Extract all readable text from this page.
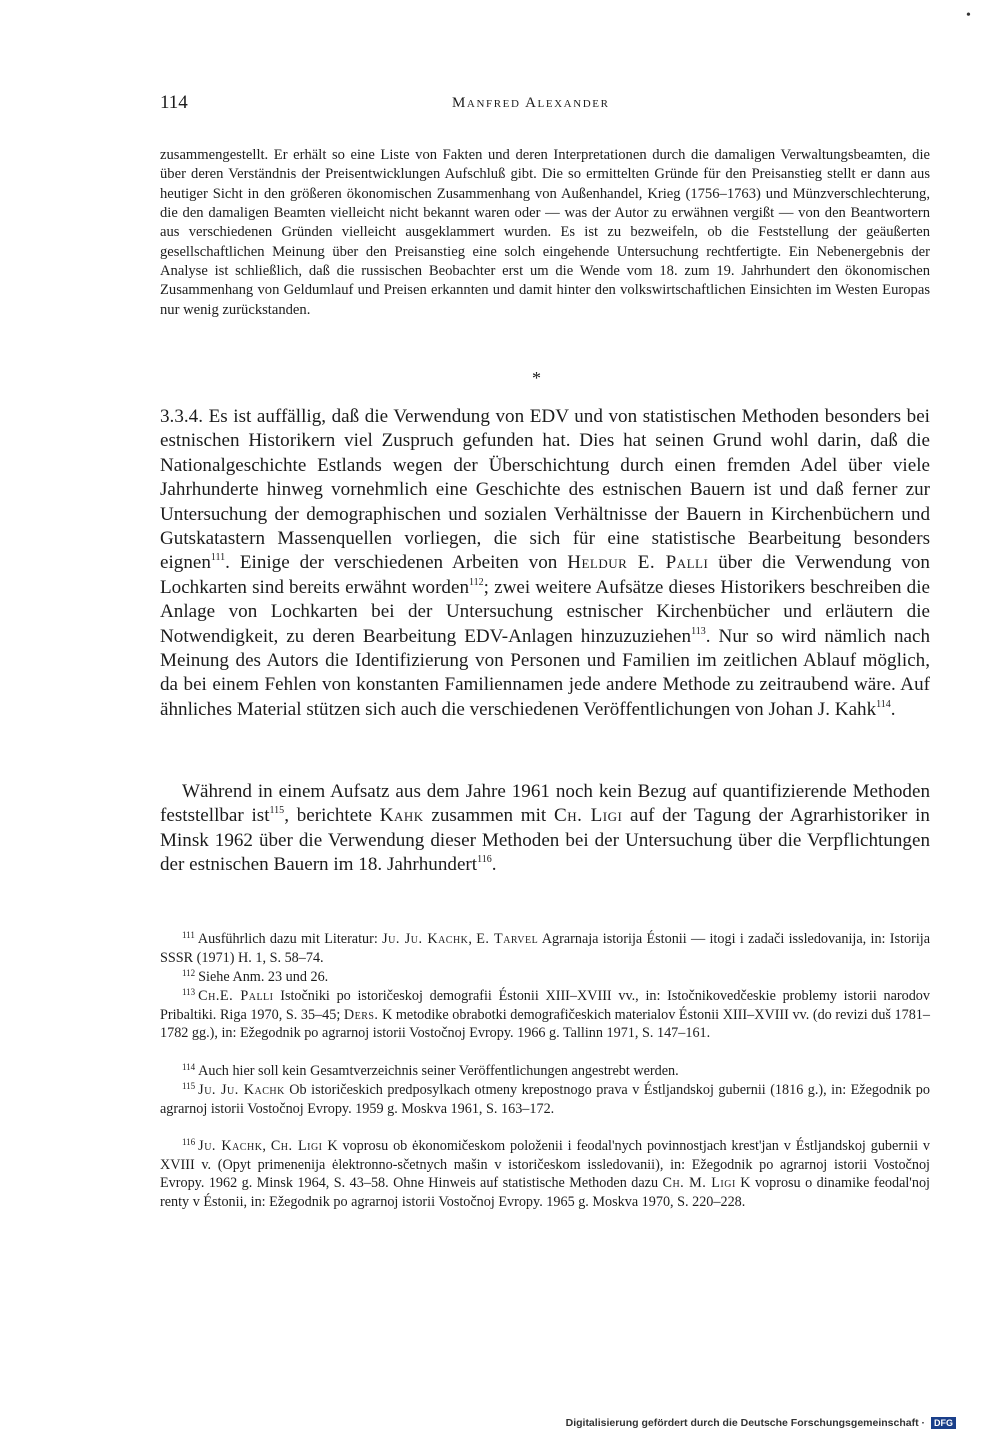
•
114	Manfred Alexander

zusammengestellt. Er erhält so eine Liste von Fakten und deren Interpretationen durch die damaligen Verwaltungsbeamten, die über deren Verständnis der Preisentwicklungen Aufschluß gibt. Die so ermittelten Gründe für den Preisanstieg stellt er dann aus heutiger Sicht in den größeren ökonomischen Zusammenhang von Außenhandel, Krieg (1756–1763) und Münzverschlechterung, die den damaligen Beamten vielleicht nicht bekannt waren oder — was der Autor zu erwähnen vergißt — von den Beantwortern aus verschiedenen Gründen vielleicht ausgeklammert wurden. Es ist zu bezweifeln, ob die Feststellung der geäußerten gesellschaftlichen Meinung über den Preisanstieg eine solch eingehende Untersuchung rechtfertigte. Ein Nebenergebnis der Analyse ist schließlich, daß die russischen Beobachter erst um die Wende vom 18. zum 19. Jahrhundert den ökonomischen Zusammenhang von Geldumlauf und Preisen erkannten und damit hinter den volkswirtschaftlichen Einsichten im Westen Europas nur wenig zurückstanden.

*

3.3.4. Es ist auffällig, daß die Verwendung von EDV und von statistischen Methoden besonders bei estnischen Historikern viel Zuspruch gefunden hat. Dies hat seinen Grund wohl darin, daß die Nationalgeschichte Estlands wegen der Überschichtung durch einen fremden Adel über viele Jahrhunderte hinweg vornehmlich eine Geschichte des estnischen Bauern ist und daß ferner zur Untersuchung der demographischen und sozialen Verhältnisse der Bauern in Kirchenbüchern und Gutskatastern Massenquellen vorliegen, die sich für eine statistische Bearbeitung besonders eignen$^{111}$. Einige der verschiedenen Arbeiten von Heldur E. Palli über die Verwendung von Lochkarten sind bereits erwähnt worden$^{112}$; zwei weitere Aufsätze dieses Historikers beschreiben die Anlage von Lochkarten bei der Untersuchung estnischer Kirchenbücher und erläutern die Notwendigkeit, zu deren Bearbeitung EDV-Anlagen hinzuzuziehen$^{113}$. Nur so wird nämlich nach Meinung des Autors die Identifizierung von Personen und Familien im zeitlichen Ablauf möglich, da bei einem Fehlen von konstanten Familiennamen jede andere Methode zu zeitraubend wäre. Auf ähnliches Material stützen sich auch die verschiedenen Veröffentlichungen von Johan J. Kahk$^{114}$.

Während in einem Aufsatz aus dem Jahre 1961 noch kein Bezug auf quantifizierende Methoden feststellbar ist$^{115}$, berichtete Kahk zusammen mit Ch. Ligi auf der Tagung der Agrarhistoriker in Minsk 1962 über die Verwendung dieser Methoden bei der Untersuchung über die Verpflichtungen der estnischen Bauern im 18. Jahrhundert$^{116}$.

$^{111}$ Ausführlich dazu mit Literatur: Ju. Ju. Kachk, E. Tarvel Agrarnaja istorija Éstonii — itogi i zadači issledovanija, in: Istorija SSSR (1971) H. 1, S. 58–74.

$^{112}$ Siehe Anm. 23 und 26.

$^{113}$ Ch.E. Palli Istočniki po istoričeskoj demografii Éstonii XIII–XVIII vv., in: Istočnikovedčeskie problemy istorii narodov Pribaltiki. Riga 1970, S. 35–45; Ders. K metodike obrabotki demografičeskich materialov Éstonii XIII–XVIII vv. (do revizi duš 1781–1782 gg.), in: Ežegodnik po agrarnoj istorii Vostočnoj Evropy. 1966 g. Tallinn 1971, S. 147–161.

$^{114}$ Auch hier soll kein Gesamtverzeichnis seiner Veröffentlichungen angestrebt werden.

$^{115}$ Ju. Ju. Kachk Ob istoričeskich predposylkach otmeny krepostnogo prava v Éstljandskoj gubernii (1816 g.), in: Ežegodnik po agrarnoj istorii Vostočnoj Evropy. 1959 g. Moskva 1961, S. 163–172.

$^{116}$ Ju. Kachk, Ch. Ligi K voprosu ob ėkonomičeskom položenii i feodal'nych povinnostjach krest'jan v Éstljandskoj gubernii v XVIII v. (Opyt primenenija ėlektronno-sčetnych mašin v istoričeskom issledovanii), in: Ežegodnik po agrarnoj istorii Vostočnoj Evropy. 1962 g. Minsk 1964, S. 43–58. Ohne Hinweis auf statistische Methoden dazu Ch. M. Ligi K voprosu o dinamike feodal'noj renty v Éstonii, in: Ežegodnik po agrarnoj istorii Vostočnoj Evropy. 1965 g. Moskva 1970, S. 220–228.

Digitalisierung gefördert durch die Deutsche Forschungsgemeinschaft ·	DFG
